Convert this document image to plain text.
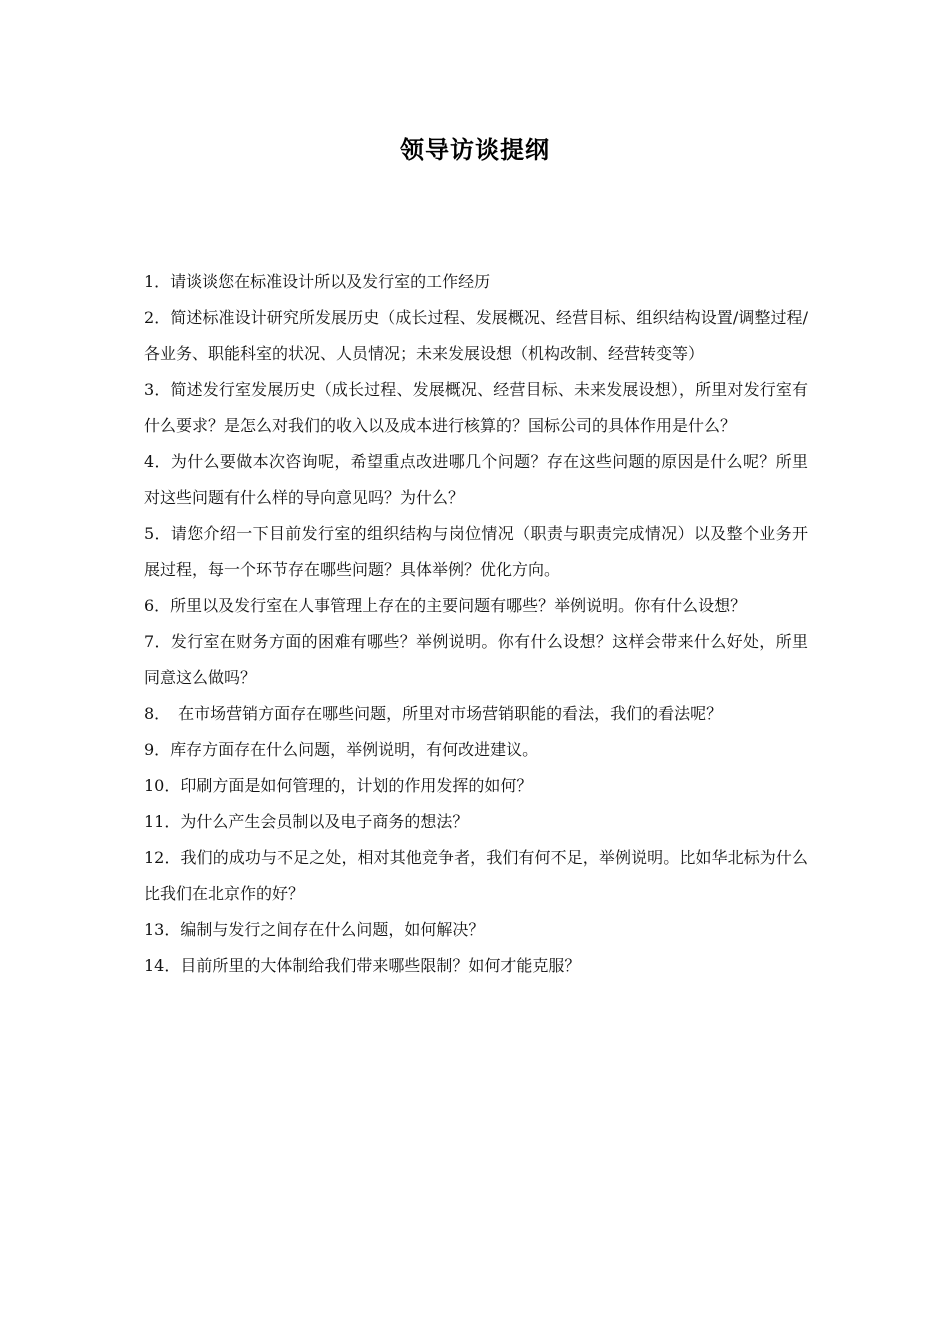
领导访谈提纲
1．请谈谈您在标准设计所以及发行室的工作经历
2．简述标准设计研究所发展历史（成长过程、发展概况、经营目标、组织结构设置/调整过程/各业务、职能科室的状况、人员情况；未来发展设想（机构改制、经营转变等）
3．简述发行室发展历史（成长过程、发展概况、经营目标、未来发展设想），所里对发行室有什么要求？是怎么对我们的收入以及成本进行核算的？国标公司的具体作用是什么？
4．为什么要做本次咨询呢，希望重点改进哪几个问题？存在这些问题的原因是什么呢？所里对这些问题有什么样的导向意见吗？为什么？
5．请您介绍一下目前发行室的组织结构与岗位情况（职责与职责完成情况）以及整个业务开展过程，每一个环节存在哪些问题？具体举例？优化方向。
6．所里以及发行室在人事管理上存在的主要问题有哪些？举例说明。你有什么设想？
7．发行室在财务方面的困难有哪些？举例说明。你有什么设想？这样会带来什么好处，所里同意这么做吗？
8．　在市场营销方面存在哪些问题，所里对市场营销职能的看法，我们的看法呢？
9．库存方面存在什么问题，举例说明，有何改进建议。
10．印刷方面是如何管理的，计划的作用发挥的如何？
11．为什么产生会员制以及电子商务的想法？
12．我们的成功与不足之处，相对其他竞争者，我们有何不足，举例说明。比如华北标为什么比我们在北京作的好？
13．编制与发行之间存在什么问题，如何解决？
14．目前所里的大体制给我们带来哪些限制？如何才能克服？
